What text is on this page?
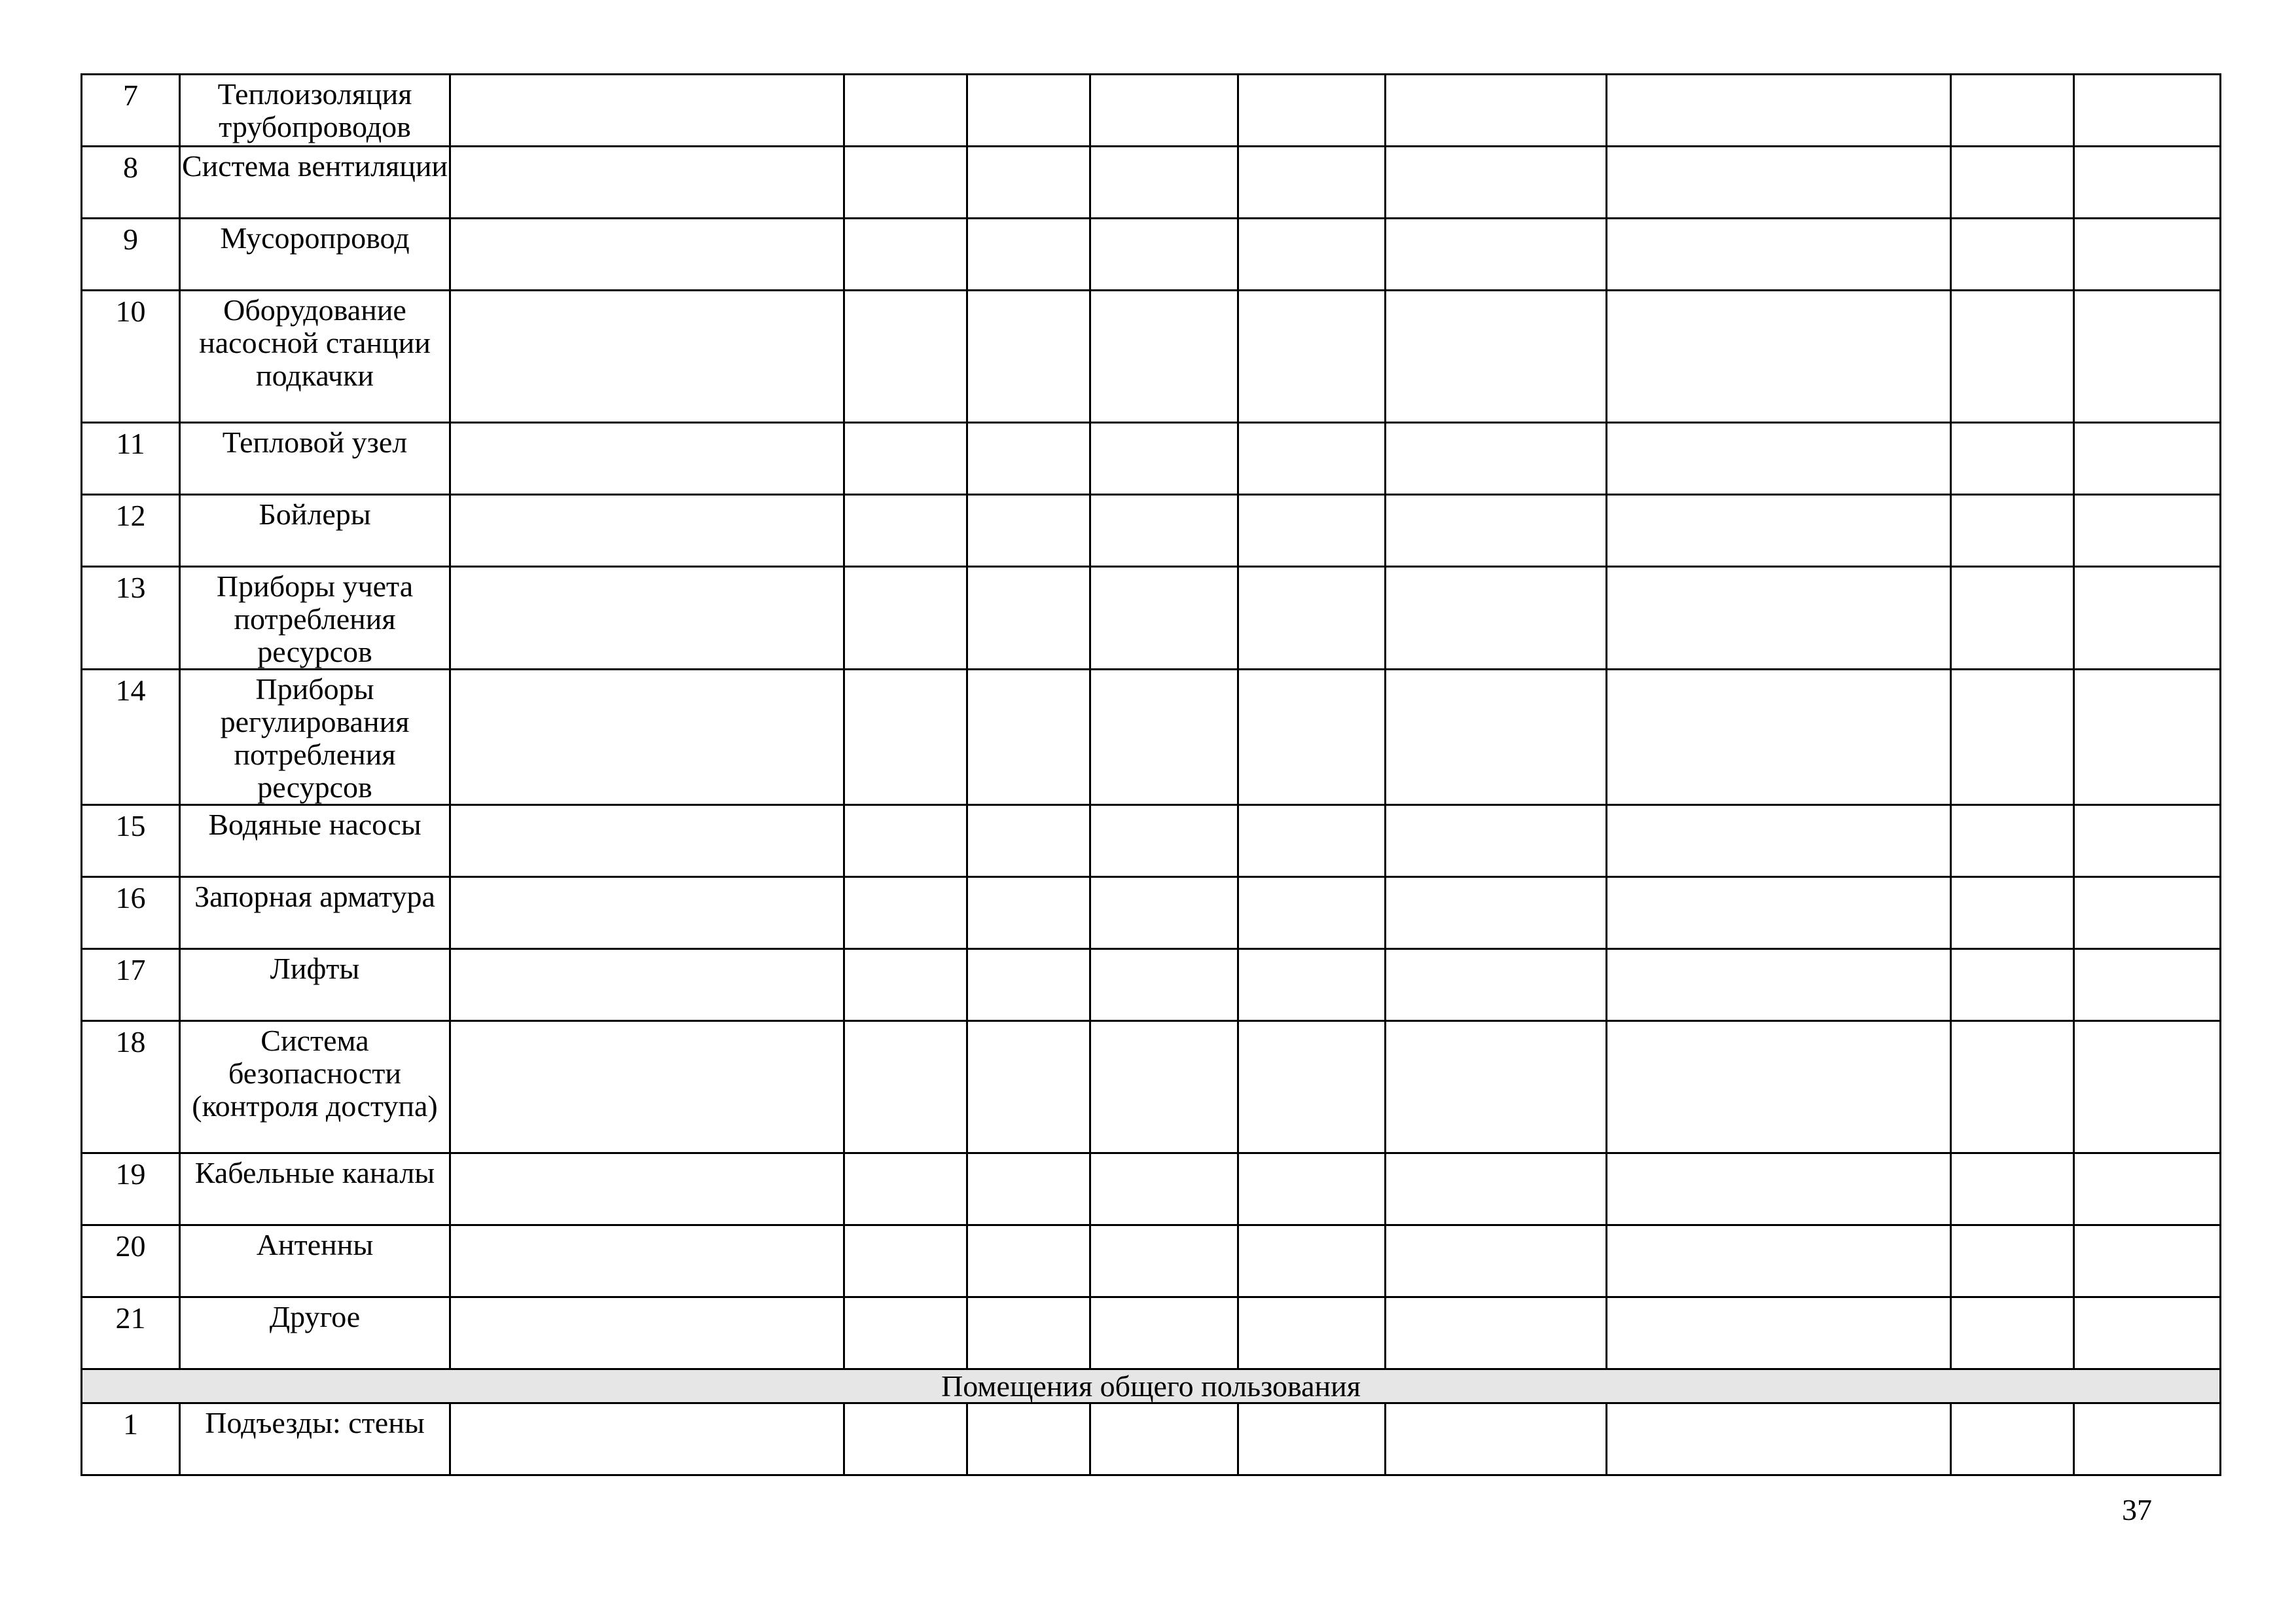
7	Теплоизоляция трубопроводов									
8	Система вентиляции									
9	Мусоропровод									
10	Оборудование насосной станции подкачки									
11	Тепловой узел									
12	Бойлеры									
13	Приборы учета потребления ресурсов									
14	Приборы регулирования потребления ресурсов									
15	Водяные насосы									
16	Запорная арматура									
17	Лифты									
18	Система безопасности (контроля доступа)									
19	Кабельные каналы									
20	Антенны									
21	Другое									
Помещения общего пользования										
1	Подъезды: стены									
37
